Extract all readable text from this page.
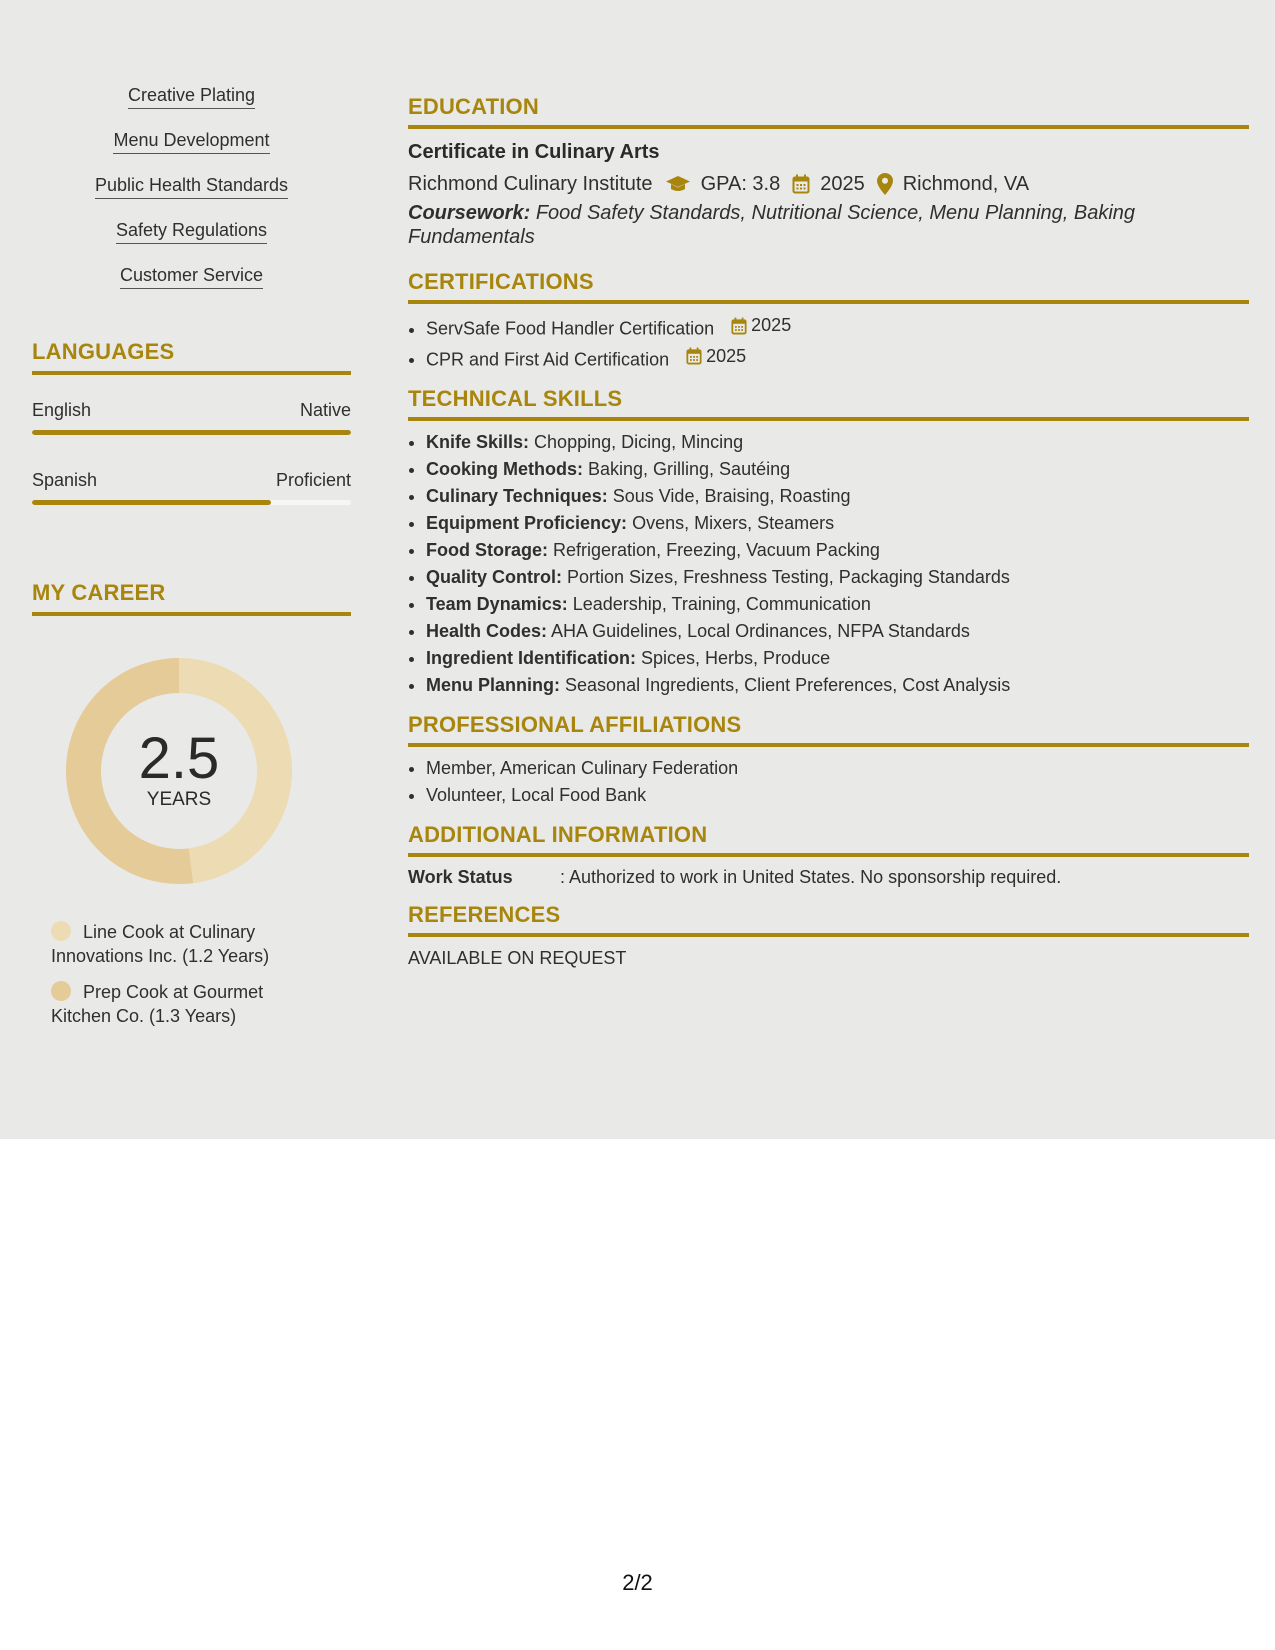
Creative Plating
Menu Development
Public Health Standards
Safety Regulations
Customer Service
LANGUAGES
English	Native
Spanish	Proficient
MY CAREER
2.5
YEARS
Line Cook at Culinary Innovations Inc. (1.2 Years)
Prep Cook at Gourmet Kitchen Co. (1.3 Years)
EDUCATION
Certificate in Culinary Arts
Richmond Culinary Institute GPA: 3.8 2025 Richmond, VA
Coursework: Food Safety Standards, Nutritional Science, Menu Planning, Baking Fundamentals
CERTIFICATIONS
• ServSafe Food Handler Certification 2025
• CPR and First Aid Certification 2025
TECHNICAL SKILLS
• Knife Skills: Chopping, Dicing, Mincing
• Cooking Methods: Baking, Grilling, Sautéing
• Culinary Techniques: Sous Vide, Braising, Roasting
• Equipment Proficiency: Ovens, Mixers, Steamers
• Food Storage: Refrigeration, Freezing, Vacuum Packing
• Quality Control: Portion Sizes, Freshness Testing, Packaging Standards
• Team Dynamics: Leadership, Training, Communication
• Health Codes: AHA Guidelines, Local Ordinances, NFPA Standards
• Ingredient Identification: Spices, Herbs, Produce
• Menu Planning: Seasonal Ingredients, Client Preferences, Cost Analysis
PROFESSIONAL AFFILIATIONS
• Member, American Culinary Federation
• Volunteer, Local Food Bank
ADDITIONAL INFORMATION
Work Status	: Authorized to work in United States. No sponsorship required.
REFERENCES
AVAILABLE ON REQUEST
2/2
